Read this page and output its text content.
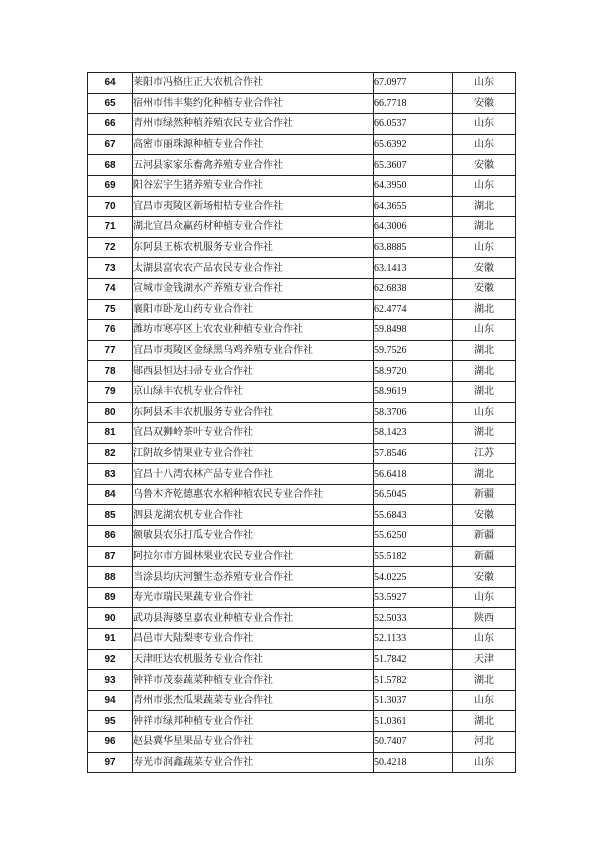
64	莱阳市冯格庄正大农机合作社	67.0977	山东
65	宿州市伟丰集约化种植专业合作社	66.7718	安徽
66	青州市绿然种植养殖农民专业合作社	66.0537	山东
67	高密市丽珠源种植专业合作社	65.6392	山东
68	五河县家家乐畜禽养殖专业合作社	65.3607	安徽
69	阳谷宏宇生猪养殖专业合作社	64.3950	山东
70	宜昌市夷陵区新场柑桔专业合作社	64.3655	湖北
71	湖北宜昌众赢药材种植专业合作社	64.3006	湖北
72	东阿县王栋农机服务专业合作社	63.8885	山东
73	太湖县富农农产品农民专业合作社	63.1413	安徽
74	宣城市金钱湖水产养殖专业合作社	62.6838	安徽
75	襄阳市卧龙山药专业合作社	62.4774	湖北
76	潍坊市寒亭区上农农业种植专业合作社	59.8498	山东
77	宜昌市夷陵区金绿黑乌鸡养殖专业合作社	59.7526	湖北
78	郧西县恒达扫帚专业合作社	58.9720	湖北
79	京山绿丰农机专业合作社	58.9619	湖北
80	东阿县禾丰农机服务专业合作社	58.3706	山东
81	宜昌双狮岭茶叶专业合作社	58.1423	湖北
82	江阴故乡情果业专业合作社	57.8546	江苏
83	宜昌十八湾农林产品专业合作社	56.6418	湖北
84	乌鲁木齐乾德惠农水稻种植农民专业合作社	56.5045	新疆
85	泗县龙湖农机专业合作社	55.6843	安徽
86	额敏县农乐打瓜专业合作社	55.6250	新疆
87	阿拉尔市方圆林果业农民专业合作社	55.5182	新疆
88	当涂县均庆河蟹生态养殖专业合作社	54.0225	安徽
89	寿光市瑞民果蔬专业合作社	53.5927	山东
90	武功县海婆皇嘉农业种植专业合作社	52.5033	陕西
91	昌邑市大陆梨枣专业合作社	52.1133	山东
92	天津旺达农机服务专业合作社	51.7842	天津
93	钟祥市茂泰蔬菜种植专业合作社	51.5782	湖北
94	青州市张杰瓜果蔬菜专业合作社	51.3037	山东
95	钟祥市绿邦种植专业合作社	51.0361	湖北
96	赵县冀华星果品专业合作社	50.7407	河北
97	寿光市润鑫蔬菜专业合作社	50.4218	山东
